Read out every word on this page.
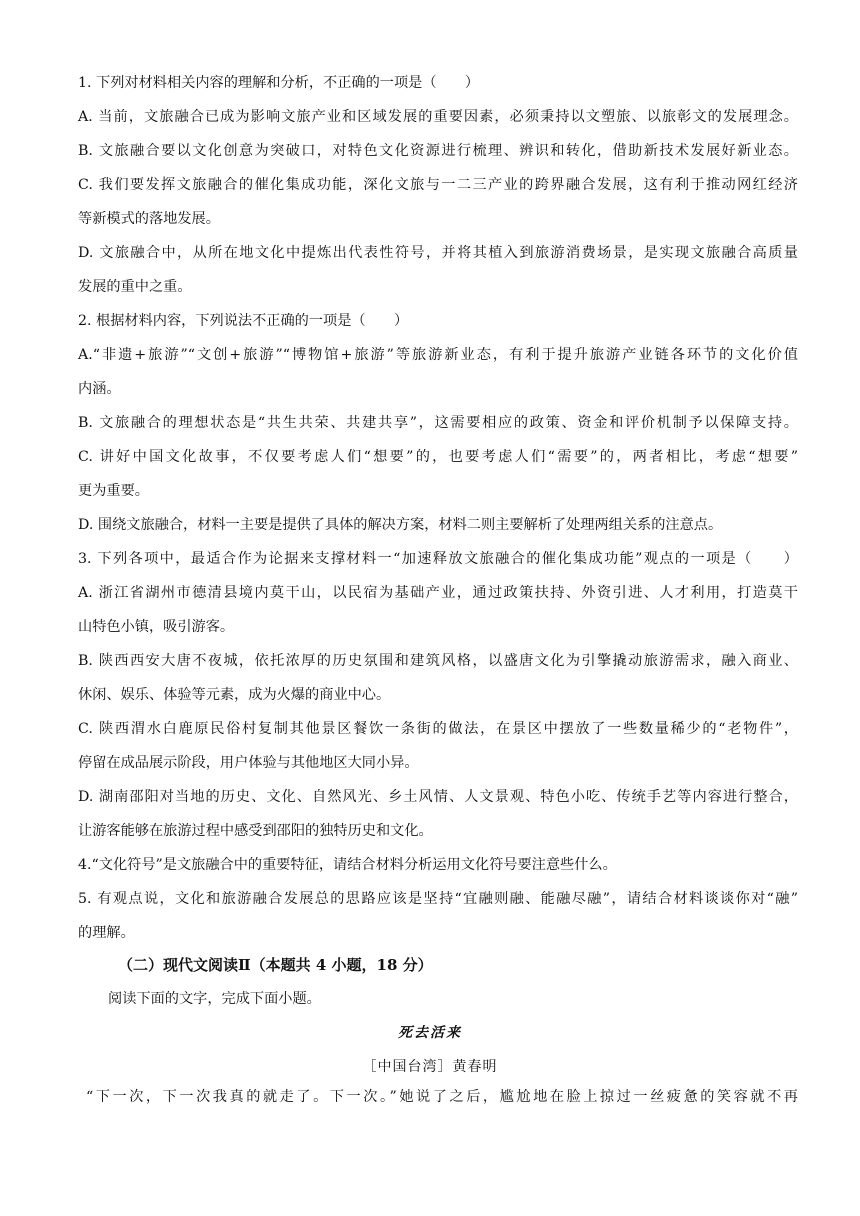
1. 下列对材料相关内容的理解和分析，不正确的一项是（　　）
A. 当前，文旅融合已成为影响文旅产业和区域发展的重要因素，必须秉持以文塑旅、以旅彰文的发展理念。
B. 文旅融合要以文化创意为突破口，对特色文化资源进行梳理、辨识和转化，借助新技术发展好新业态。
C. 我们要发挥文旅融合的催化集成功能，深化文旅与一二三产业的跨界融合发展，这有利于推动网红经济
等新模式的落地发展。
D. 文旅融合中，从所在地文化中提炼出代表性符号，并将其植入到旅游消费场景，是实现文旅融合高质量
发展的重中之重。
2. 根据材料内容，下列说法不正确的一项是（　　）
A.“非遗+旅游”“文创+旅游”“博物馆+旅游”等旅游新业态，有利于提升旅游产业链各环节的文化价值
内涵。
B. 文旅融合的理想状态是“共生共荣、共建共享”，这需要相应的政策、资金和评价机制予以保障支持。
C. 讲好中国文化故事，不仅要考虑人们“想要”的，也要考虑人们“需要”的，两者相比，考虑“想要”
更为重要。
D. 围绕文旅融合，材料一主要是提供了具体的解决方案，材料二则主要解析了处理两组关系的注意点。
3. 下列各项中，最适合作为论据来支撑材料一“加速释放文旅融合的催化集成功能”观点的一项是（　　）
A. 浙江省湖州市德清县境内莫干山，以民宿为基础产业，通过政策扶持、外资引进、人才利用，打造莫干
山特色小镇，吸引游客。
B. 陕西西安大唐不夜城，依托浓厚的历史氛围和建筑风格，以盛唐文化为引擎撬动旅游需求，融入商业、
休闲、娱乐、体验等元素，成为火爆的商业中心。
C. 陕西渭水白鹿原民俗村复制其他景区餐饮一条街的做法，在景区中摆放了一些数量稀少的“老物件”，
停留在成品展示阶段，用户体验与其他地区大同小异。
D. 湖南邵阳对当地的历史、文化、自然风光、乡土风情、人文景观、特色小吃、传统手艺等内容进行整合，
让游客能够在旅游过程中感受到邵阳的独特历史和文化。
4.“文化符号”是文旅融合中的重要特征，请结合材料分析运用文化符号要注意些什么。
5. 有观点说，文化和旅游融合发展总的思路应该是坚持“宜融则融、能融尽融”，请结合材料谈谈你对“融”
的理解。
（二）现代文阅读Ⅱ（本题共 4 小题，18 分）
阅读下面的文字，完成下面小题。
死去活来
［中国台湾］黄春明
“下一次，下一次我真的就走了。下一次。”她说了之后，尴尬地在脸上掠过一丝疲惫的笑容就不再
